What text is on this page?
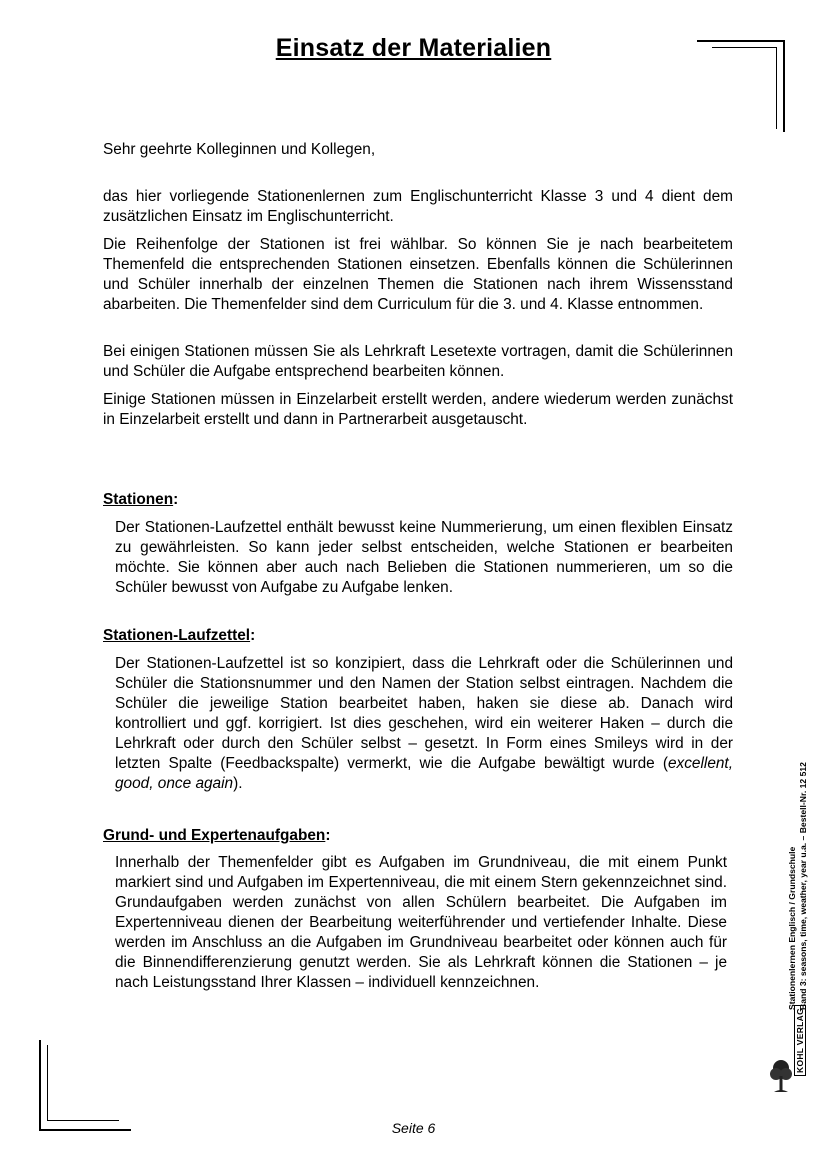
Einsatz der Materialien
Sehr geehrte Kolleginnen und Kollegen,
das hier vorliegende Stationenlernen zum Englischunterricht Klasse 3 und 4 dient dem zusätzlichen Einsatz im Englischunterricht.
Die Reihenfolge der Stationen ist frei wählbar. So können Sie je nach bearbeitetem Themenfeld die entsprechenden Stationen einsetzen. Ebenfalls können die Schülerinnen und Schüler innerhalb der einzelnen Themen die Stationen nach ihrem Wissensstand abarbeiten. Die Themenfelder sind dem Curriculum für die 3. und 4. Klasse entnommen.
Bei einigen Stationen müssen Sie als Lehrkraft Lesetexte vortragen, damit die Schülerinnen und Schüler die Aufgabe entsprechend bearbeiten können.
Einige Stationen müssen in Einzelarbeit erstellt werden, andere wiederum werden zunächst in Einzelarbeit erstellt und dann in Partnerarbeit ausgetauscht.
Stationen:
Der Stationen-Laufzettel enthält bewusst keine Nummerierung, um einen flexiblen Einsatz zu gewährleisten. So kann jeder selbst entscheiden, welche Stationen er bearbeiten möchte. Sie können aber auch nach Belieben die Stationen nummerieren, um so die Schüler bewusst von Aufgabe zu Aufgabe lenken.
Stationen-Laufzettel:
Der Stationen-Laufzettel ist so konzipiert, dass die Lehrkraft oder die Schülerinnen und Schüler die Stationsnummer und den Namen der Station selbst eintragen. Nachdem die Schüler die jeweilige Station bearbeitet haben, haken sie diese ab. Danach wird kontrolliert und ggf. korrigiert. Ist dies geschehen, wird ein weiterer Haken – durch die Lehrkraft oder durch den Schüler selbst – gesetzt. In Form eines Smileys wird in der letzten Spalte (Feedbackspalte) vermerkt, wie die Aufgabe bewältigt wurde (excellent, good, once again).
Grund- und Expertenaufgaben:
Innerhalb der Themenfelder gibt es Aufgaben im Grundniveau, die mit einem Punkt markiert sind und Aufgaben im Expertenniveau, die mit einem Stern gekennzeichnet sind. Grundaufgaben werden zunächst von allen Schülern bearbeitet. Die Aufgaben im Expertenniveau dienen der Bearbeitung weiterführender und vertiefender Inhalte. Diese werden im Anschluss an die Aufgaben im Grundniveau bearbeitet oder können auch für die Binnendifferenzierung genutzt werden. Sie als Lehrkraft können die Stationen – je nach Leistungsstand Ihrer Klassen – individuell kennzeichnen.
Seite 6
Stationenlernen Englisch / Grundschule Band 3: seasons, time, weather, year u.a. – Bestell-Nr. 12 512
KOHL VERLAG
